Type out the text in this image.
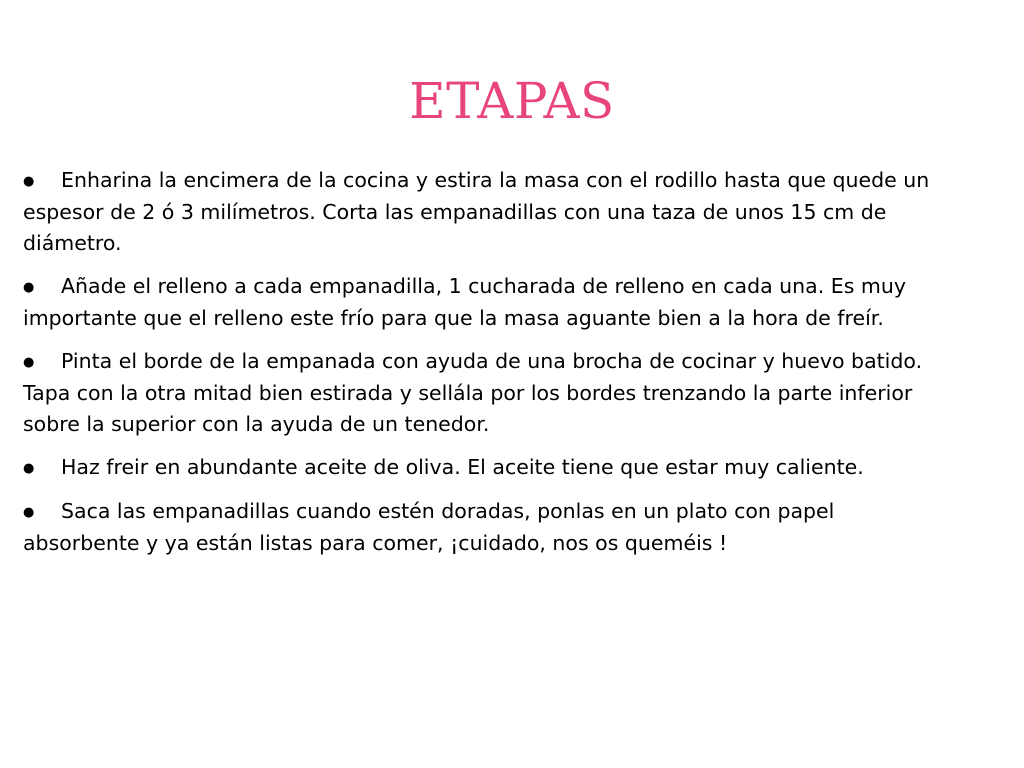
ETAPAS
● Enharina la encimera de la cocina y estira la masa con el rodillo hasta que quede un espesor de 2 ó 3 milímetros. Corta las empanadillas con una taza de unos 15 cm de diámetro.
● Añade el relleno a cada empanadilla, 1 cucharada de relleno en cada una. Es muy importante que el relleno este frío para que la masa aguante bien a la hora de freír.
● Pinta el borde de la empanada con ayuda de una brocha de cocinar y huevo batido. Tapa con la otra mitad bien estirada y sellála por los bordes trenzando la parte inferior sobre la superior con la ayuda de un tenedor.
● Haz freir en abundante aceite de oliva. El aceite tiene que estar muy caliente.
● Saca las empanadillas cuando estén doradas, ponlas en un plato con papel absorbente y ya están listas para comer, ¡cuidado, nos os queméis !
